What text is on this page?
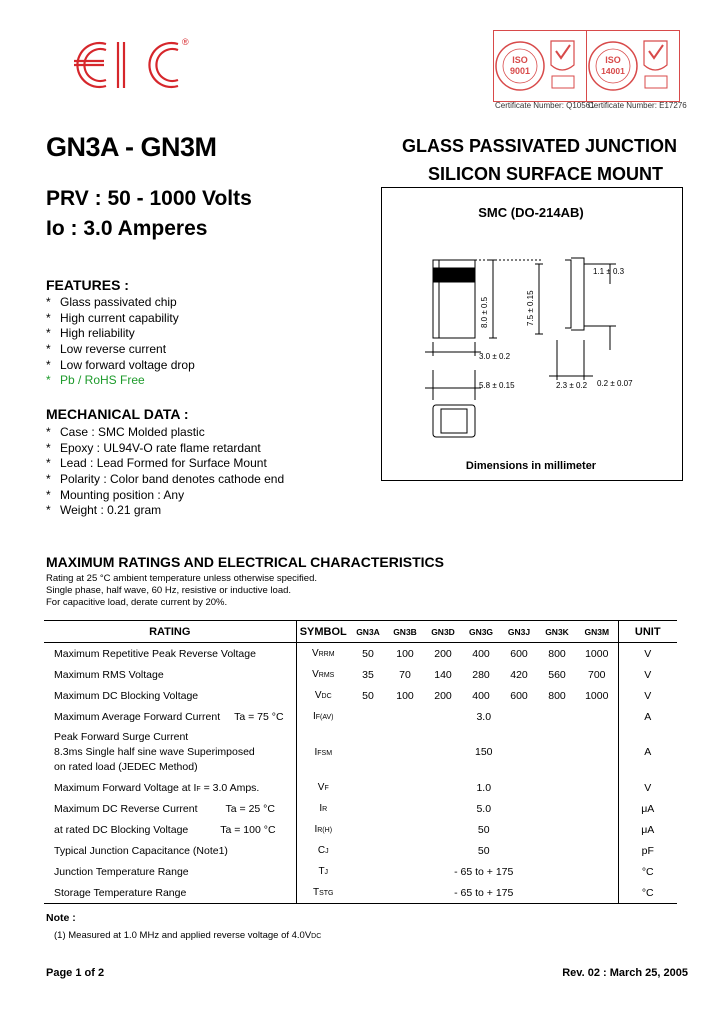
®
ISO
9001
Certificate Number: Q10561
ISO
14001
Certificate Number: E17276
GN3A - GN3M
PRV : 50 - 1000 Volts
Io : 3.0 Amperes
GLASS PASSIVATED JUNCTION
SILICON SURFACE MOUNT
FEATURES :
* Glass passivated chip
* High current capability
* High reliability
* Low reverse current
* Low forward voltage drop
* Pb / RoHS Free
MECHANICAL DATA :
* Case : SMC Molded plastic
* Epoxy : UL94V-O rate flame retardant
* Lead : Lead Formed for Surface Mount
* Polarity : Color band denotes cathode end
* Mounting position : Any
* Weight : 0.21 gram
SMC (DO-214AB)
1.1 ± 0.3
8.0 ± 0.5	7.5 ± 0.15
3.0 ± 0.2
5.8 ± 0.15	2.3 ± 0.2 0.2 ± 0.07
Dimensions in millimeter
MAXIMUM RATINGS AND ELECTRICAL CHARACTERISTICS
Rating at 25 °C ambient temperature unless otherwise specified.
Single phase, half wave, 60 Hz, resistive or inductive load.
For capacitive load, derate current by 20%.
RATING	SYMBOL	GN3A	GN3B	GN3D	GN3G	GN3J	GN3K	GN3M	UNIT
Maximum Repetitive Peak Reverse Voltage	VRRM	50	100	200	400	600	800	1000	V
Maximum RMS Voltage	VRMS	35	70	140	280	420	560	700	V
Maximum DC Blocking Voltage	VDC	50	100	200	400	600	800	1000	V
Maximum Average Forward Current Ta = 75 °C	IF(AV)	3.0							A

Peak Forward Surge Current
8.3ms Single half sine wave Superimposed
on rated load (JEDEC Method)	IFSM	150							A
Maximum Forward Voltage at IF = 3.0 Amps.	VF	1.0							V
Maximum DC Reverse Current Ta = 25 °C	IR	5.0							μA
at rated DC Blocking Voltage Ta = 100 °C	IR(H)	50							μA
Typical Junction Capacitance (Note1)	CJ	50							pF
Junction Temperature Range	TJ	- 65 to + 175							°C
Storage Temperature Range	TSTG	- 65 to + 175							°C
Note :
(1) Measured at 1.0 MHz and applied reverse voltage of 4.0VDC
Page 1 of 2	Rev. 02 : March 25, 2005
